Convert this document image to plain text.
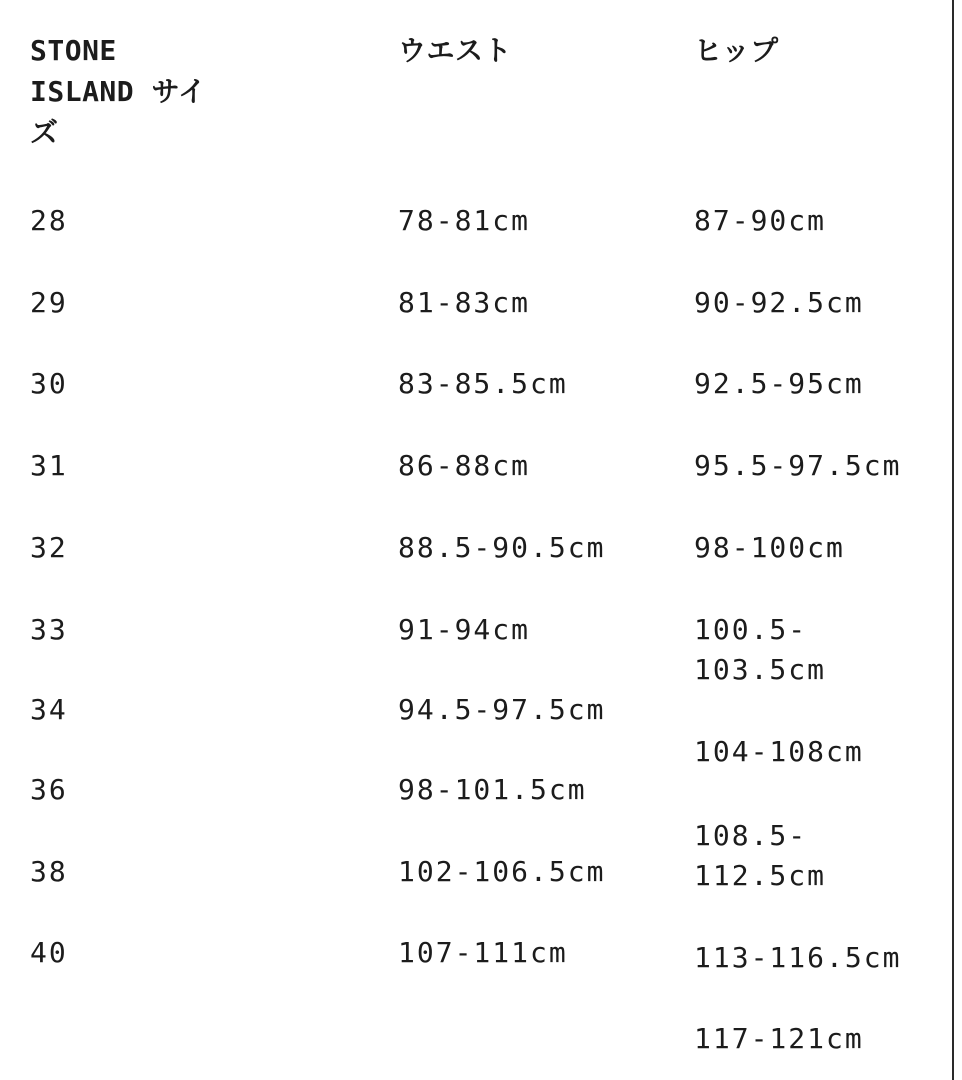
STONE ISLAND サイズ
28
29
30
31
32
33
34
36
38
40
ウエスト
78-81cm
81-83cm
83-85.5cm
86-88cm
88.5-90.5cm
91-94cm
94.5-97.5cm
98-101.5cm
102-106.5cm
107-111cm
ヒップ
87-90cm
90-92.5cm
92.5-95cm
95.5-97.5cm
98-100cm
100.5-103.5cm
104-108cm
108.5-112.5cm
113-116.5cm
117-121cm
